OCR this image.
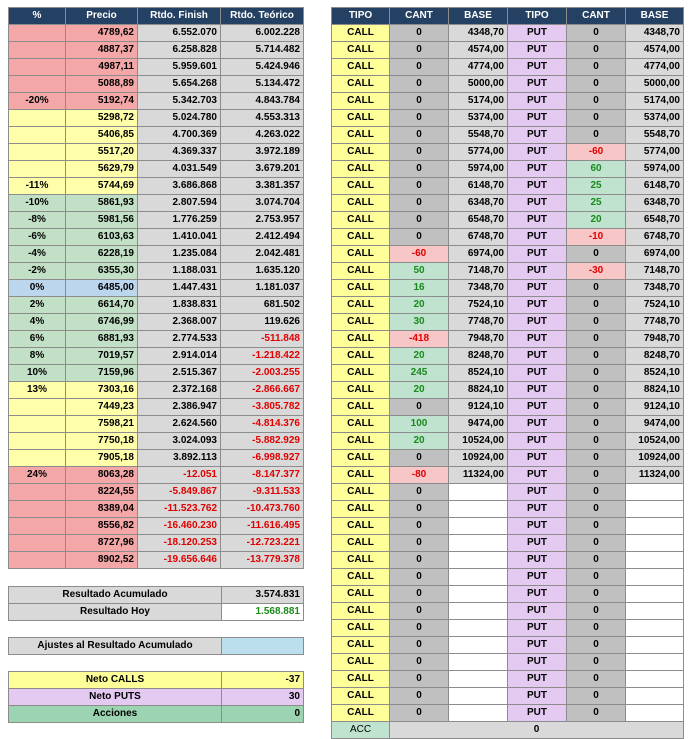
%	Precio	Rtdo. Finish	Rtdo. Teórico
	4789,62	6.552.070	6.002.228
	4887,37	6.258.828	5.714.482
	4987,11	5.959.601	5.424.946
	5088,89	5.654.268	5.134.472
-20%	5192,74	5.342.703	4.843.784
	5298,72	5.024.780	4.553.313
	5406,85	4.700.369	4.263.022
	5517,20	4.369.337	3.972.189
	5629,79	4.031.549	3.679.201
-11%	5744,69	3.686.868	3.381.357
-10%	5861,93	2.807.594	3.074.704
-8%	5981,56	1.776.259	2.753.957
-6%	6103,63	1.410.041	2.412.494
-4%	6228,19	1.235.084	2.042.481
-2%	6355,30	1.188.031	1.635.120
0%	6485,00	1.447.431	1.181.037
2%	6614,70	1.838.831	681.502
4%	6746,99	2.368.007	119.626
6%	6881,93	2.774.533	-511.848
8%	7019,57	2.914.014	-1.218.422
10%	7159,96	2.515.367	-2.003.255
13%	7303,16	2.372.168	-2.866.667
	7449,23	2.386.947	-3.805.782
	7598,21	2.624.560	-4.814.376
	7750,18	3.024.093	-5.882.929
	7905,18	3.892.113	-6.998.927
24%	8063,28	-12.051	-8.147.377
	8224,55	-5.849.867	-9.311.533
	8389,04	-11.523.762	-10.473.760
	8556,82	-16.460.230	-11.616.495
	8727,96	-18.120.253	-12.723.221
	8902,52	-19.656.646	-13.779.378
TIPO	CANT	BASE	TIPO	CANT	BASE
CALL	0	4348,70	PUT	0	4348,70
CALL	0	4574,00	PUT	0	4574,00
CALL	0	4774,00	PUT	0	4774,00
CALL	0	5000,00	PUT	0	5000,00
CALL	0	5174,00	PUT	0	5174,00
CALL	0	5374,00	PUT	0	5374,00
CALL	0	5548,70	PUT	0	5548,70
CALL	0	5774,00	PUT	-60	5774,00
CALL	0	5974,00	PUT	60	5974,00
CALL	0	6148,70	PUT	25	6148,70
CALL	0	6348,70	PUT	25	6348,70
CALL	0	6548,70	PUT	20	6548,70
CALL	0	6748,70	PUT	-10	6748,70
CALL	-60	6974,00	PUT	0	6974,00
CALL	50	7148,70	PUT	-30	7148,70
CALL	16	7348,70	PUT	0	7348,70
CALL	20	7524,10	PUT	0	7524,10
CALL	30	7748,70	PUT	0	7748,70
CALL	-418	7948,70	PUT	0	7948,70
CALL	20	8248,70	PUT	0	8248,70
CALL	245	8524,10	PUT	0	8524,10
CALL	20	8824,10	PUT	0	8824,10
CALL	0	9124,10	PUT	0	9124,10
CALL	100	9474,00	PUT	0	9474,00
CALL	20	10524,00	PUT	0	10524,00
CALL	0	10924,00	PUT	0	10924,00
CALL	-80	11324,00	PUT	0	11324,00
CALL	0		PUT	0	
CALL	0		PUT	0	
CALL	0		PUT	0	
CALL	0		PUT	0	
CALL	0		PUT	0	
CALL	0		PUT	0	
CALL	0		PUT	0	
CALL	0		PUT	0	
CALL	0		PUT	0	
CALL	0		PUT	0	
CALL	0		PUT	0	
CALL	0		PUT	0	
CALL	0		PUT	0	
CALL	0		PUT	0	
ACC	0				
Resultado Acumulado	3.574.831
Resultado Hoy	1.568.881
Ajustes al Resultado Acumulado	
Neto CALLS	-37
Neto PUTS	30
Acciones	0
